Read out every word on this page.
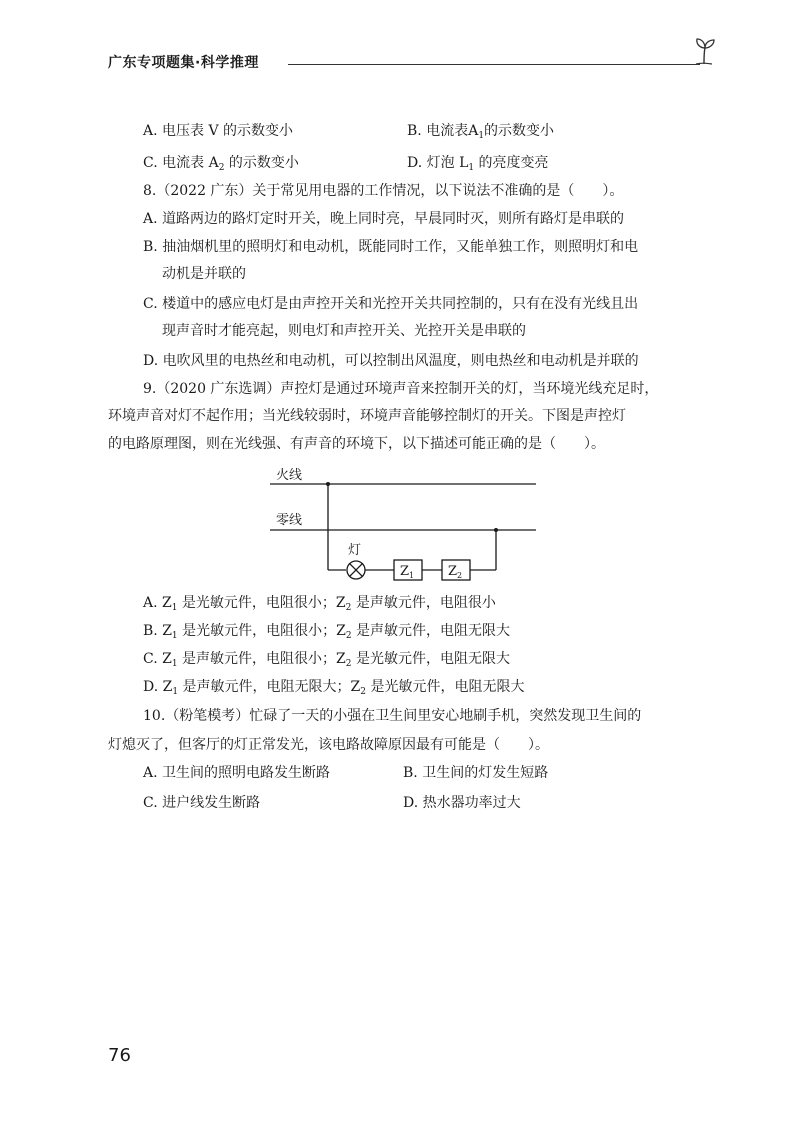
广东专项题集·科学推理
A. 电压表 V 的示数变小	B. 电流表$A_1$的示数变小
C. 电流表 $A_2$ 的示数变小	D. 灯泡 $L_1$ 的亮度变亮
8.（2022 广东）关于常见用电器的工作情况，以下说法不准确的是（　　）。
A. 道路两边的路灯定时开关，晚上同时亮，早晨同时灭，则所有路灯是串联的
B. 抽油烟机里的照明灯和电动机，既能同时工作，又能单独工作，则照明灯和电
动机是并联的
C. 楼道中的感应电灯是由声控开关和光控开关共同控制的，只有在没有光线且出
现声音时才能亮起，则电灯和声控开关、光控开关是串联的
D. 电吹风里的电热丝和电动机，可以控制出风温度，则电热丝和电动机是并联的
9.（2020 广东选调）声控灯是通过环境声音来控制开关的灯，当环境光线充足时，
环境声音对灯不起作用；当光线较弱时，环境声音能够控制灯的开关。下图是声控灯
的电路原理图，则在光线强、有声音的环境下，以下描述可能正确的是（　　）。
火线
零线
灯
$Z_1$	$Z_2$
A. $Z_1$ 是光敏元件，电阻很小；$Z_2$ 是声敏元件，电阻很小
B. $Z_1$ 是光敏元件，电阻很小；$Z_2$ 是声敏元件，电阻无限大
C. $Z_1$ 是声敏元件，电阻很小；$Z_2$ 是光敏元件，电阻无限大
D. $Z_1$ 是声敏元件，电阻无限大；$Z_2$ 是光敏元件，电阻无限大
10.（粉笔模考）忙碌了一天的小强在卫生间里安心地刷手机，突然发现卫生间的
灯熄灭了，但客厅的灯正常发光，该电路故障原因最有可能是（　　）。
A. 卫生间的照明电路发生断路	B. 卫生间的灯发生短路
C. 进户线发生断路	D. 热水器功率过大
76
